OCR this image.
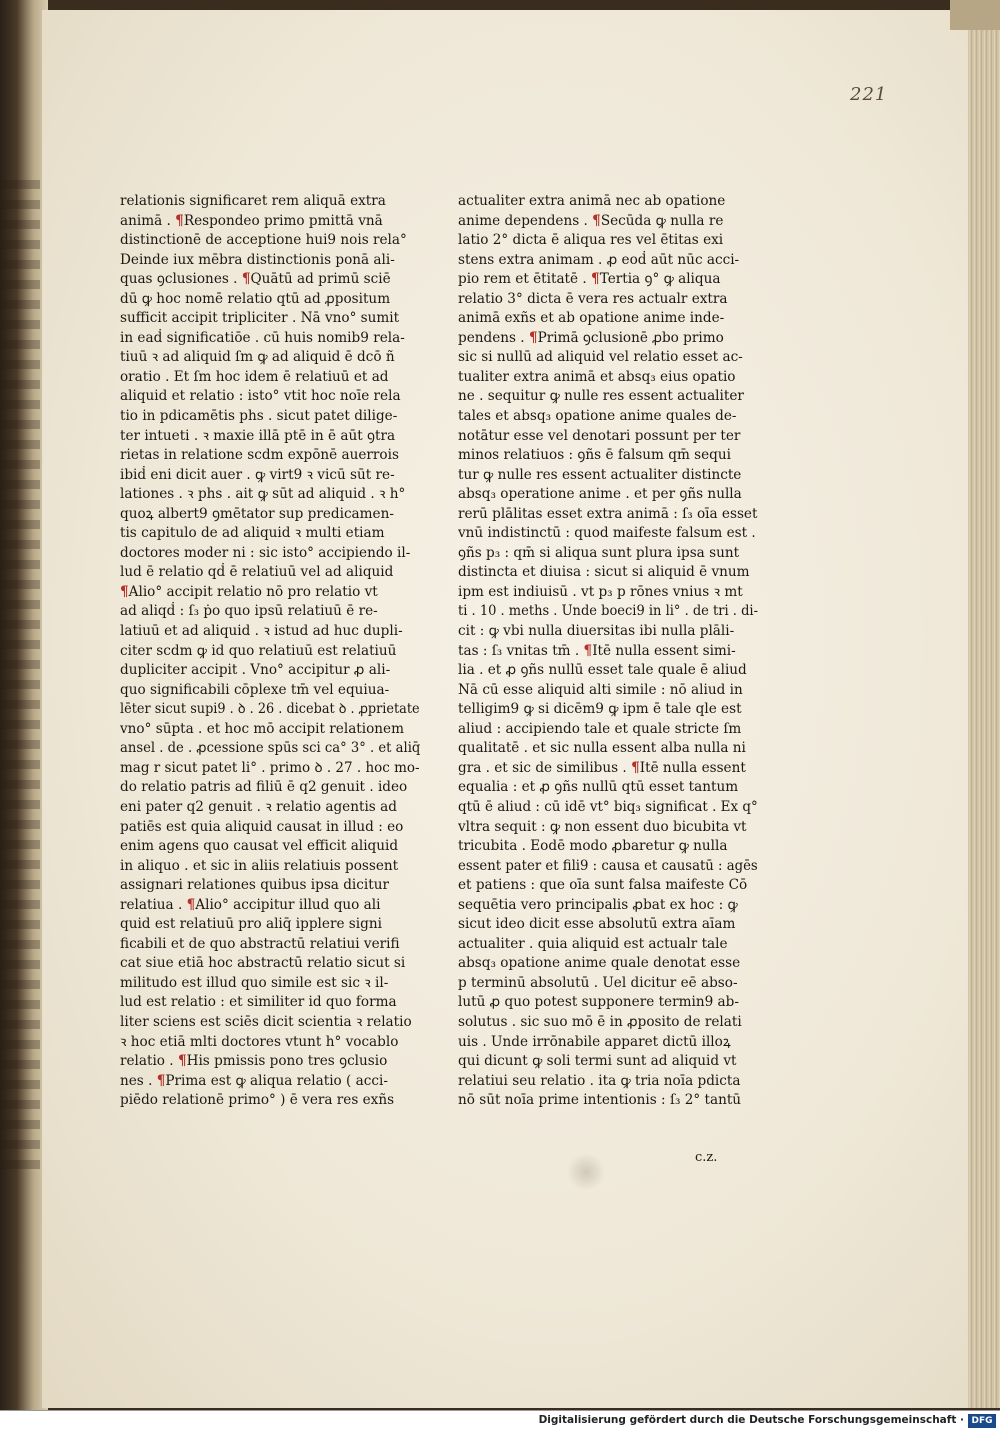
221
relationis significaret rem aliquā extra
animā . ¶Respondeo primo pmittā vnā
distinctionē de acceptione hui9 nois rela°
Deinde iux mēbra distinctionis ponā ali-
quas ꝯclusiones . ¶Quātū ad primū sciē
dū ꝙ hoc nomē relatio qtū ad ꝓpositum
sufficit accipit tripliciter . Nā vno° sumit
in eaḋ significatiōe . cū huis nomib9 rela-
tiuū ꝛ ad aliquid ſm ꝙ ad aliquid ē dcō ñ
oratio . Et ſm hoc idem ē relatiuū et ad
aliquid et relatio : isto° vtit hoc noīe rela
tio in pdicamētis phs . sicut patet dilige-
ter intueti . ꝛ maxie illā ptē in ē aūt ꝯtra
rietas in relatione scdm expōnē auerrois
ibiḋ eni dicit auer . ꝙ virt9 ꝛ vicū sūt re-
lationes . ꝛ phs . ait ꝙ sūt ad aliquid . ꝛ h°
quoꝝ albert9 ꝯmētator sup predicamen-
tis capitulo de ad aliquid ꝛ multi etiam
doctores moder ni : sic isto° accipiendo il-
lud ē relatio qḋ ē relatiuū vel ad aliquid
¶Alio° accipit relatio nō pro relatio vt
ad aliqḋ : ſ₃ ṗo quo ipsū relatiuū ē re-
latiuū et ad aliquid . ꝛ istud ad huc dupli-
citer scdm ꝙ id quo relatiuū est relatiuū
dupliciter accipit . Vno° accipitur ꝓ ali-
quo significabili cōplexe tm̄ vel equiua-
lēter sicut supi9 . ꝺ . 26 . dicebat ꝺ . ꝓprietate
vno° sūpta . et hoc mō accipit relationem
ansel . de . ꝓcessione spūs sci ca° 3° . et aliq̄
mag r sicut patet li° . primo ꝺ . 27 . hoc mo-
do relatio patris ad filiū ē q2 genuit . ideo
eni pater q2 genuit . ꝛ relatio agentis ad
patiēs est quia aliquid causat in illud : eo
enim agens quo causat vel efficit aliquid
in aliquo . et sic in aliis relatiuis possent
assignari relationes quibus ipsa dicitur
relatiua . ¶Alio° accipitur illud quo ali
quid est relatiuū pro aliq̄ ipplere signi
ficabili et de quo abstractū relatiui verifi
cat siue etiā hoc abstractū relatio sicut si
militudo est illud quo simile est sic ꝛ il-
lud est relatio : et similiter id quo forma
liter sciens est sciēs dicit scientia ꝛ relatio
ꝛ hoc etiā mlti doctores vtunt h° vocablo
relatio . ¶His pmissis pono tres ꝯclusio
nes . ¶Prima est ꝙ aliqua relatio ( acci-
piēdo relationē primo° ) ē vera res exñs
actualiter extra animā nec ab opatione
anime dependens . ¶Secūda ꝙ nulla re
latio 2° dicta ē aliqua res vel ētitas exi
stens extra animam . ꝓ eoḋ aūt nūc acci-
pio rem et ētitatē . ¶Tertia ꝯ° ꝙ aliqua
relatio 3° dicta ē vera res actualr extra
animā exñs et ab opatione anime inde-
pendens . ¶Primā ꝯclusionē ꝓbo primo
sic si nullū ad aliquid vel relatio esset ac-
tualiter extra animā et absq₃ eius opatio
ne . sequitur ꝙ nulle res essent actualiter
tales et absq₃ opatione anime quales de-
notātur esse vel denotari possunt per ter
minos relatiuos : ꝯñs ē falsum qm̄ sequi
tur ꝙ nulle res essent actualiter distincte
absq₃ operatione anime . et per ꝯñs nulla
rerū plālitas esset extra animā : ſ₃ oīa esset
vnū indistinctū : quod maifeste falsum est .
ꝯñs p₃ : qm̄ si aliqua sunt plura ipsa sunt
distincta et diuisa : sicut si aliquid ē vnum
ipm est indiuisū . vt p₃ p rōnes vnius ꝛ mt
ti . 10 . meths . Unde boeci9 in li° . de tri . di-
cit : ꝙ vbi nulla diuersitas ibi nulla plāli-
tas : ſ₃ vnitas tm̄ . ¶Itē nulla essent simi-
lia . et ꝓ ꝯñs nullū esset tale quale ē aliud
Nā cū esse aliquid alti simile : nō aliud in
telligim9 ꝙ si dicēm9 ꝙ ipm ē tale qle est
aliud : accipiendo tale et quale stricte ſm
qualitatē . et sic nulla essent alba nulla ni
gra . et sic de similibus . ¶Itē nulla essent
equalia : et ꝓ ꝯñs nullū qtū esset tantum
qtū ē aliud : cū idē vt° biq₃ significat . Ex q°
vltra sequit : ꝙ non essent duo bicubita vt
tricubita . Eodē modo ꝓbaretur ꝙ nulla
essent pater et fili9 : causa et causatū : agēs
et patiens : que oīa sunt falsa maifeste Cō
sequētia vero principalis ꝓbat ex hoc : ꝙ
sicut ideo dicit esse absolutū extra aīam
actualiter . quia aliquid est actualr tale
absq₃ opatione anime quale denotat esse
p terminū absolutū . Uel dicitur eē abso-
lutū ꝓ quo potest supponere termin9 ab-
solutus . sic suo mō ē in ꝓposito de relati
uis . Unde irrōnabile apparet dictū illoꝝ
qui dicunt ꝙ soli termi sunt ad aliquid vt
relatiui seu relatio . ita ꝙ tria noīa pdicta
nō sūt noīa prime intentionis : ſ₃ 2° tantū
c.z.
Digitalisierung gefördert durch die Deutsche Forschungsgemeinschaft · DFG
